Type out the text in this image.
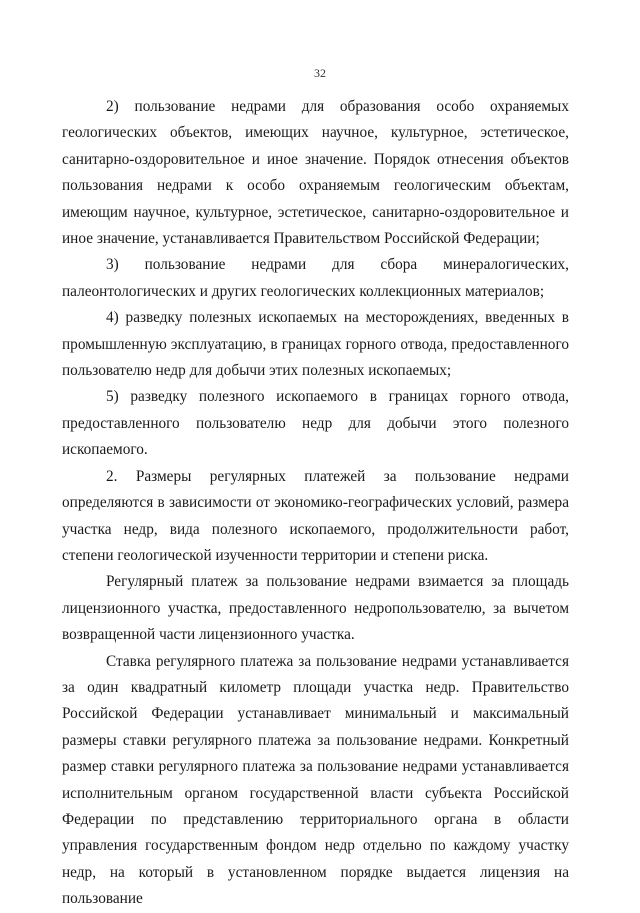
32

2) пользование недрами для образования особо охраняемых геологических объектов, имеющих научное, культурное, эстетическое, санитарно-оздоровительное и иное значение. Порядок отнесения объектов пользования недрами к особо охраняемым геологическим объектам, имеющим научное, культурное, эстетическое, санитарно-оздоровительное и иное значение, устанавливается Правительством Российской Федерации;

3) пользование недрами для сбора минералогических, палеонтологических и других геологических коллекционных материалов;

4) разведку полезных ископаемых на месторождениях, введенных в промышленную эксплуатацию, в границах горного отвода, предоставленного пользователю недр для добычи этих полезных ископаемых;

5) разведку полезного ископаемого в границах горного отвода, предоставленного пользователю недр для добычи этого полезного ископаемого.

2. Размеры регулярных платежей за пользование недрами определяются в зависимости от экономико-географических условий, размера участка недр, вида полезного ископаемого, продолжительности работ, степени геологической изученности территории и степени риска.

Регулярный платеж за пользование недрами взимается за площадь лицензионного участка, предоставленного недропользователю, за вычетом возвращенной части лицензионного участка.

Ставка регулярного платежа за пользование недрами устанавливается за один квадратный километр площади участка недр. Правительство Российской Федерации устанавливает минимальный и максимальный размеры ставки регулярного платежа за пользование недрами. Конкретный размер ставки регулярного платежа за пользование недрами устанавливается исполнительным органом государственной власти субъекта Российской Федерации по представлению территориального органа в области управления государственным фондом недр отдельно по каждому участку недр, на который в установленном порядке выдается лицензия на пользование
